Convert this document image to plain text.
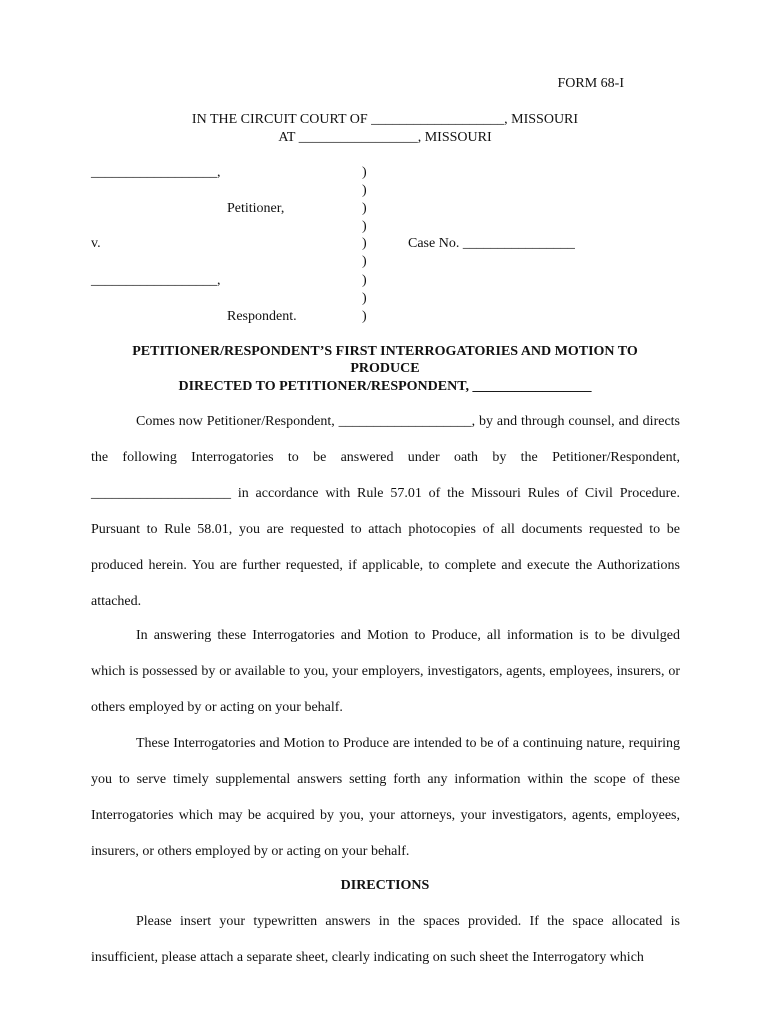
FORM 68-I
IN THE CIRCUIT COURT OF ___________________, MISSOURI
AT _________________, MISSOURI
__________________,
Petitioner,
v.
__________________,
Respondent.
)
)
)
)
)
)
)
)
)
Case No. ________________
PETITIONER/RESPONDENT’S FIRST INTERROGATORIES AND MOTION TO
PRODUCE
DIRECTED TO PETITIONER/RESPONDENT, _________________
Comes now Petitioner/Respondent, ___________________, by and through counsel, and directs the following Interrogatories to be answered under oath by the Petitioner/Respondent, ____________________ in accordance with Rule 57.01 of the Missouri Rules of Civil Procedure. Pursuant to Rule 58.01, you are requested to attach photocopies of all documents requested to be produced herein. You are further requested, if applicable, to complete and execute the Authorizations attached.
In answering these Interrogatories and Motion to Produce, all information is to be divulged which is possessed by or available to you, your employers, investigators, agents, employees, insurers, or others employed by or acting on your behalf.
These Interrogatories and Motion to Produce are intended to be of a continuing nature, requiring you to serve timely supplemental answers setting forth any information within the scope of these Interrogatories which may be acquired by you, your attorneys, your investigators, agents, employees, insurers, or others employed by or acting on your behalf.
DIRECTIONS
Please insert your typewritten answers in the spaces provided. If the space allocated is insufficient, please attach a separate sheet, clearly indicating on such sheet the Interrogatory which
